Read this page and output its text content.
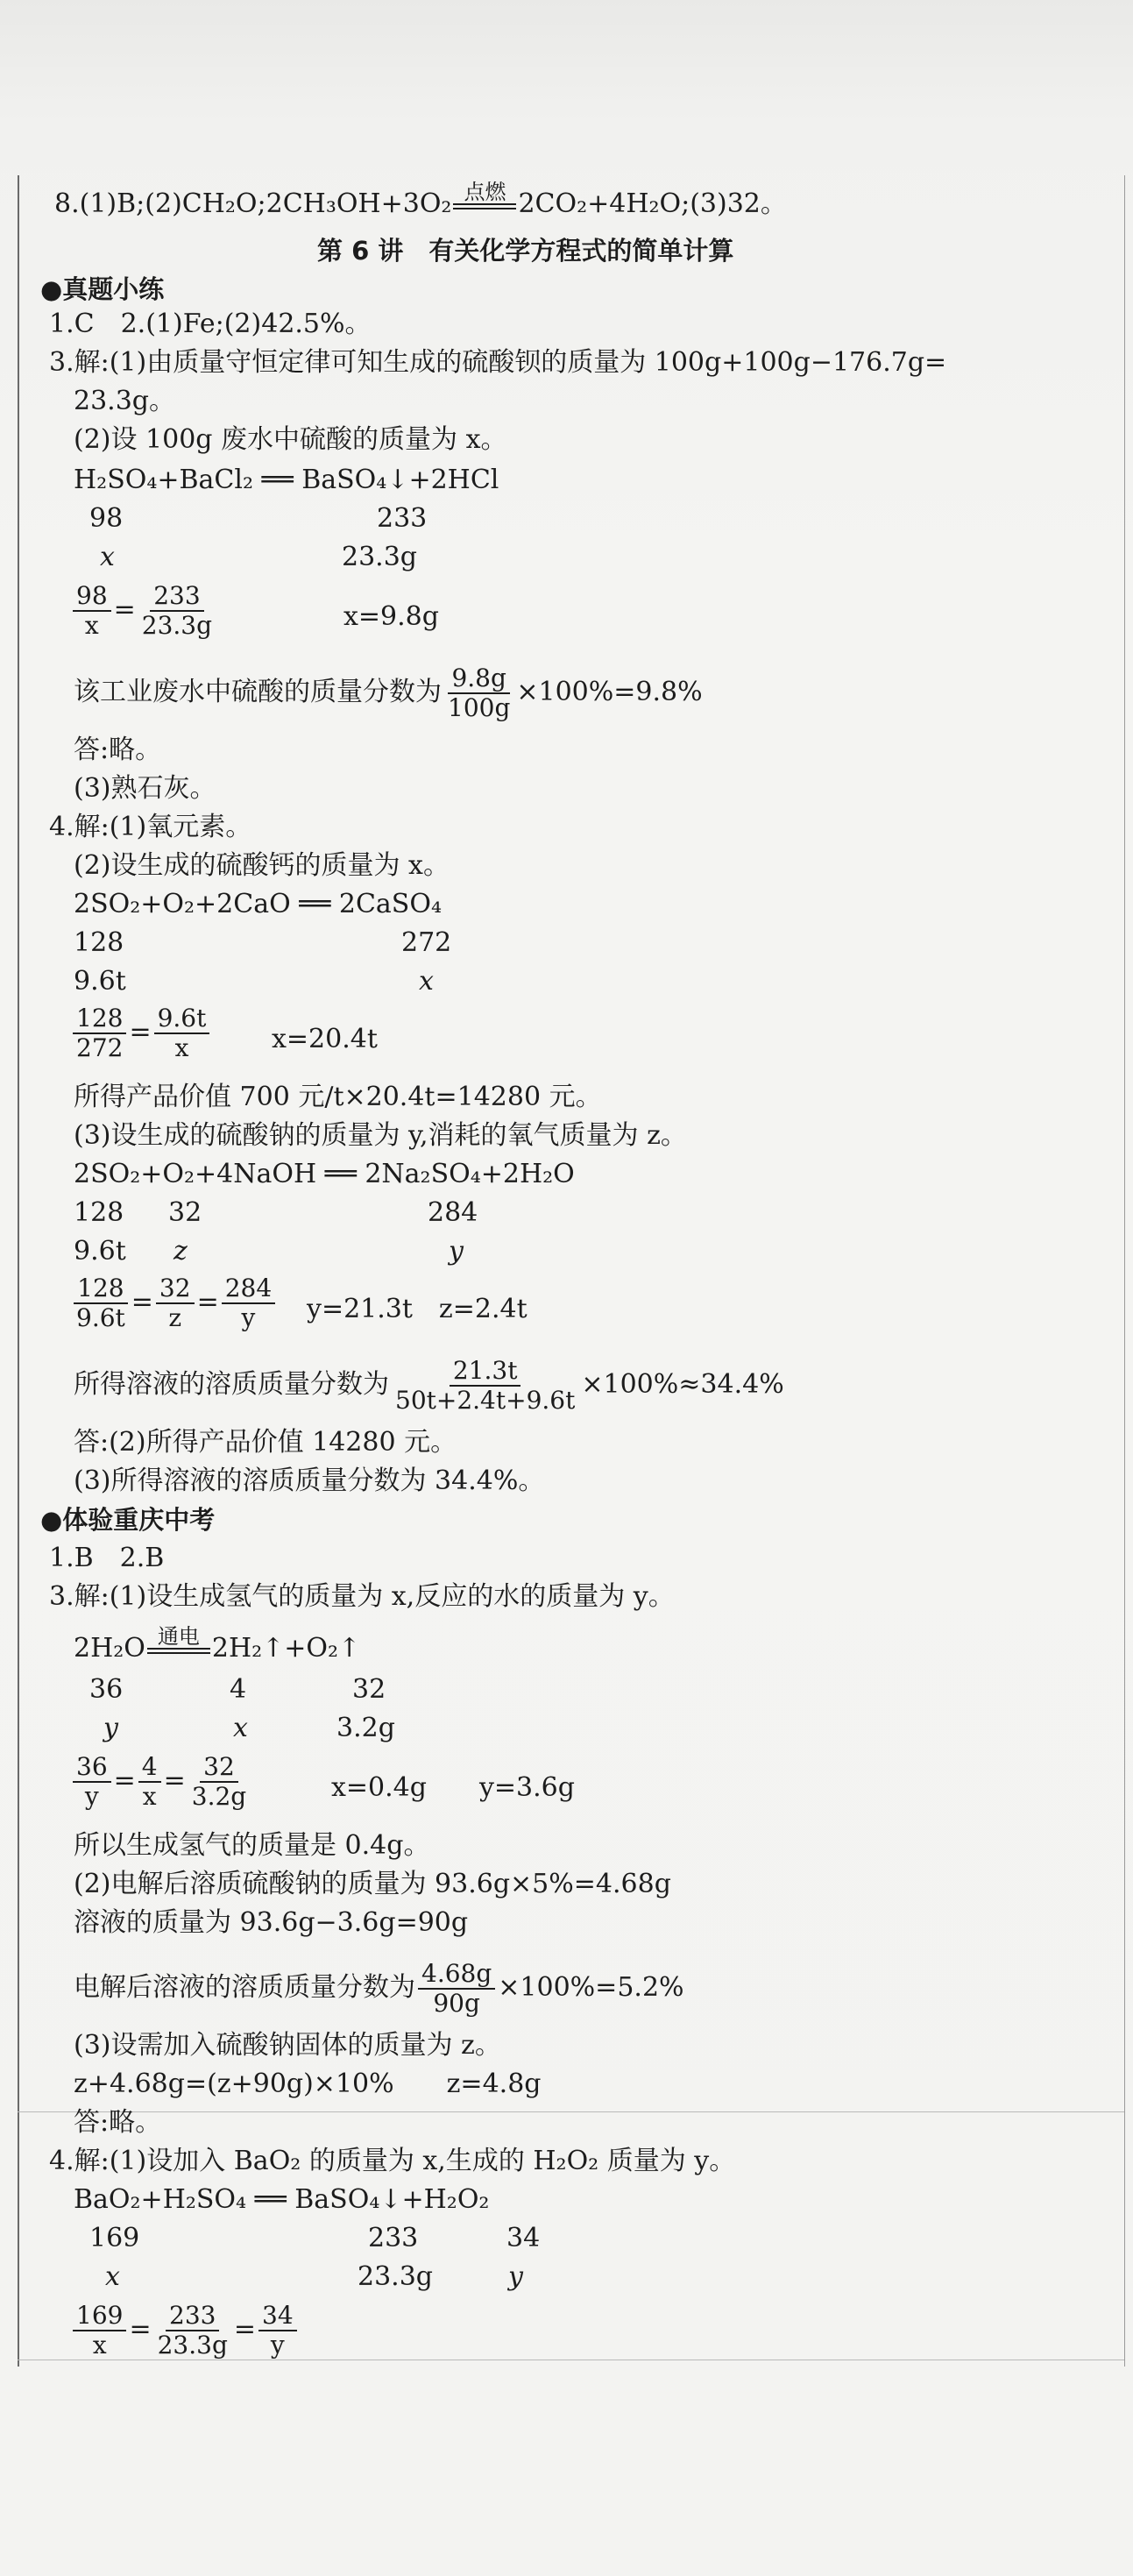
8.(1)B;(2)CH₂O;2CH₃OH+3O₂ 点燃 2CO₂+4H₂O;(3)32。
第 6 讲　有关化学方程式的简单计算
●真题小练
1.C　2.(1)Fe;(2)42.5%。
3.解:(1)由质量守恒定律可知生成的硫酸钡的质量为 100g+100g−176.7g=
23.3g。
(2)设 100g 废水中硫酸的质量为 x。
H₂SO₄+BaCl₂ ══ BaSO₄↓+2HCl
98	233
x	23.3g
$\frac{98}{x} = \frac{233}{23.3g}$	x=9.8g
该工业废水中硫酸的质量分数为 $\frac{9.8g}{100g} \times 100\%=9.8\%$
答:略。
(3)熟石灰。
4.解:(1)氧元素。
(2)设生成的硫酸钙的质量为 x。
2SO₂+O₂+2CaO ══ 2CaSO₄
128	272
9.6t	x
$\frac{128}{272} = \frac{9.6t}{x} x=20.4t$
所得产品价值 700 元/t×20.4t=14280 元。
(3)设生成的硫酸钠的质量为 y,消耗的氧气质量为 z。
2SO₂+O₂+4NaOH ══ 2Na₂SO₄+2H₂O
128 32	284
9.6t z	y
$\frac{128}{9.6t} = \frac{32}{z} = \frac{284}{y} y=21.3t$　z=2.4t
所得溶液的溶质质量分数为 $\frac{21.3t}{50t+2.4t+9.6t} \times 100\%\approx 34.4\%$
答:(2)所得产品价值 14280 元。
(3)所得溶液的溶质质量分数为 34.4%。
●体验重庆中考
1.B　2.B
3.解:(1)设生成氢气的质量为 x,反应的水的质量为 y。
2H₂O 通电 2H₂↑+O₂↑
36	4	32
y	x	3.2g
$\frac{36}{y} = \frac{4}{x} = \frac{32}{3.2g}$	x=0.4g　　y=3.6g
所以生成氢气的质量是 0.4g。
(2)电解后溶质硫酸钠的质量为 93.6g×5%=4.68g
溶液的质量为 93.6g−3.6g=90g
电解后溶液的溶质质量分数为 $\frac{4.68g}{90g} \times 100\%=5.2\%$
(3)设需加入硫酸钠固体的质量为 z。
z+4.68g=(z+90g)×10%　　z=4.8g
答:略。
4.解:(1)设加入 BaO₂ 的质量为 x,生成的 H₂O₂ 质量为 y。
BaO₂+H₂SO₄ ══ BaSO₄↓+H₂O₂
169	233	34
x	23.3g	y
$\frac{169}{x} = \frac{233}{23.3g} = \frac{34}{y}$
